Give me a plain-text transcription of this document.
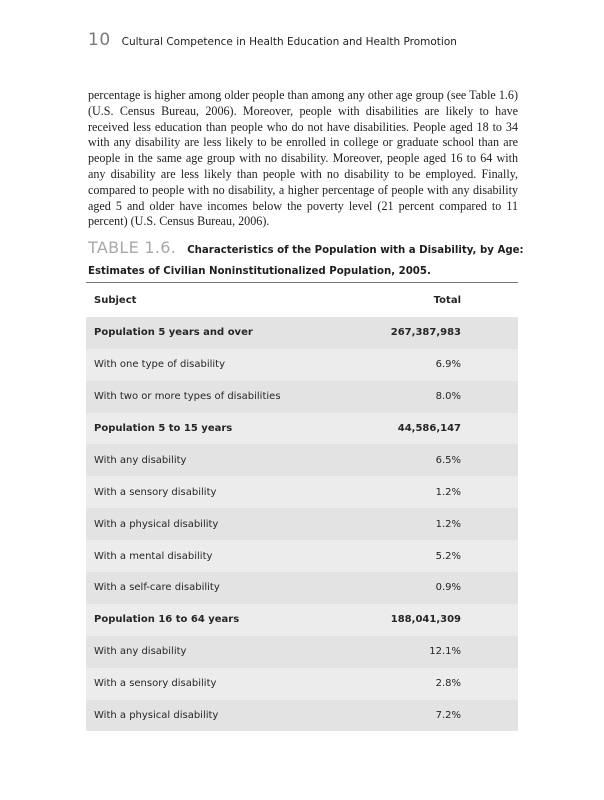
10 Cultural Competence in Health Education and Health Promotion

percentage is higher among older people than among any other age group (see Table 1.6) (U.S. Census Bureau, 2006). Moreover, people with disabilities are likely to have received less education than people who do not have disabilities. People aged 18 to 34 with any disability are less likely to be enrolled in college or graduate school than are people in the same age group with no disability. Moreover, people aged 16 to 64 with any disability are less likely than people with no disability to be employed. Finally, compared to people with no disability, a higher percentage of people with any disability aged 5 and older have incomes below the poverty level (21 percent compared to 11 percent) (U.S. Census Bureau, 2006).

TABLE 1.6. Characteristics of the Population with a Disability, by Age: Estimates of Civilian Noninstitutionalized Population, 2005.
Subject	Total
Population 5 years and over	267,387,983
With one type of disability	6.9%
With two or more types of disabilities	8.0%
Population 5 to 15 years	44,586,147
With any disability	6.5%
With a sensory disability	1.2%
With a physical disability	1.2%
With a mental disability	5.2%
With a self-care disability	0.9%
Population 16 to 64 years	188,041,309
With any disability	12.1%
With a sensory disability	2.8%
With a physical disability	7.2%
